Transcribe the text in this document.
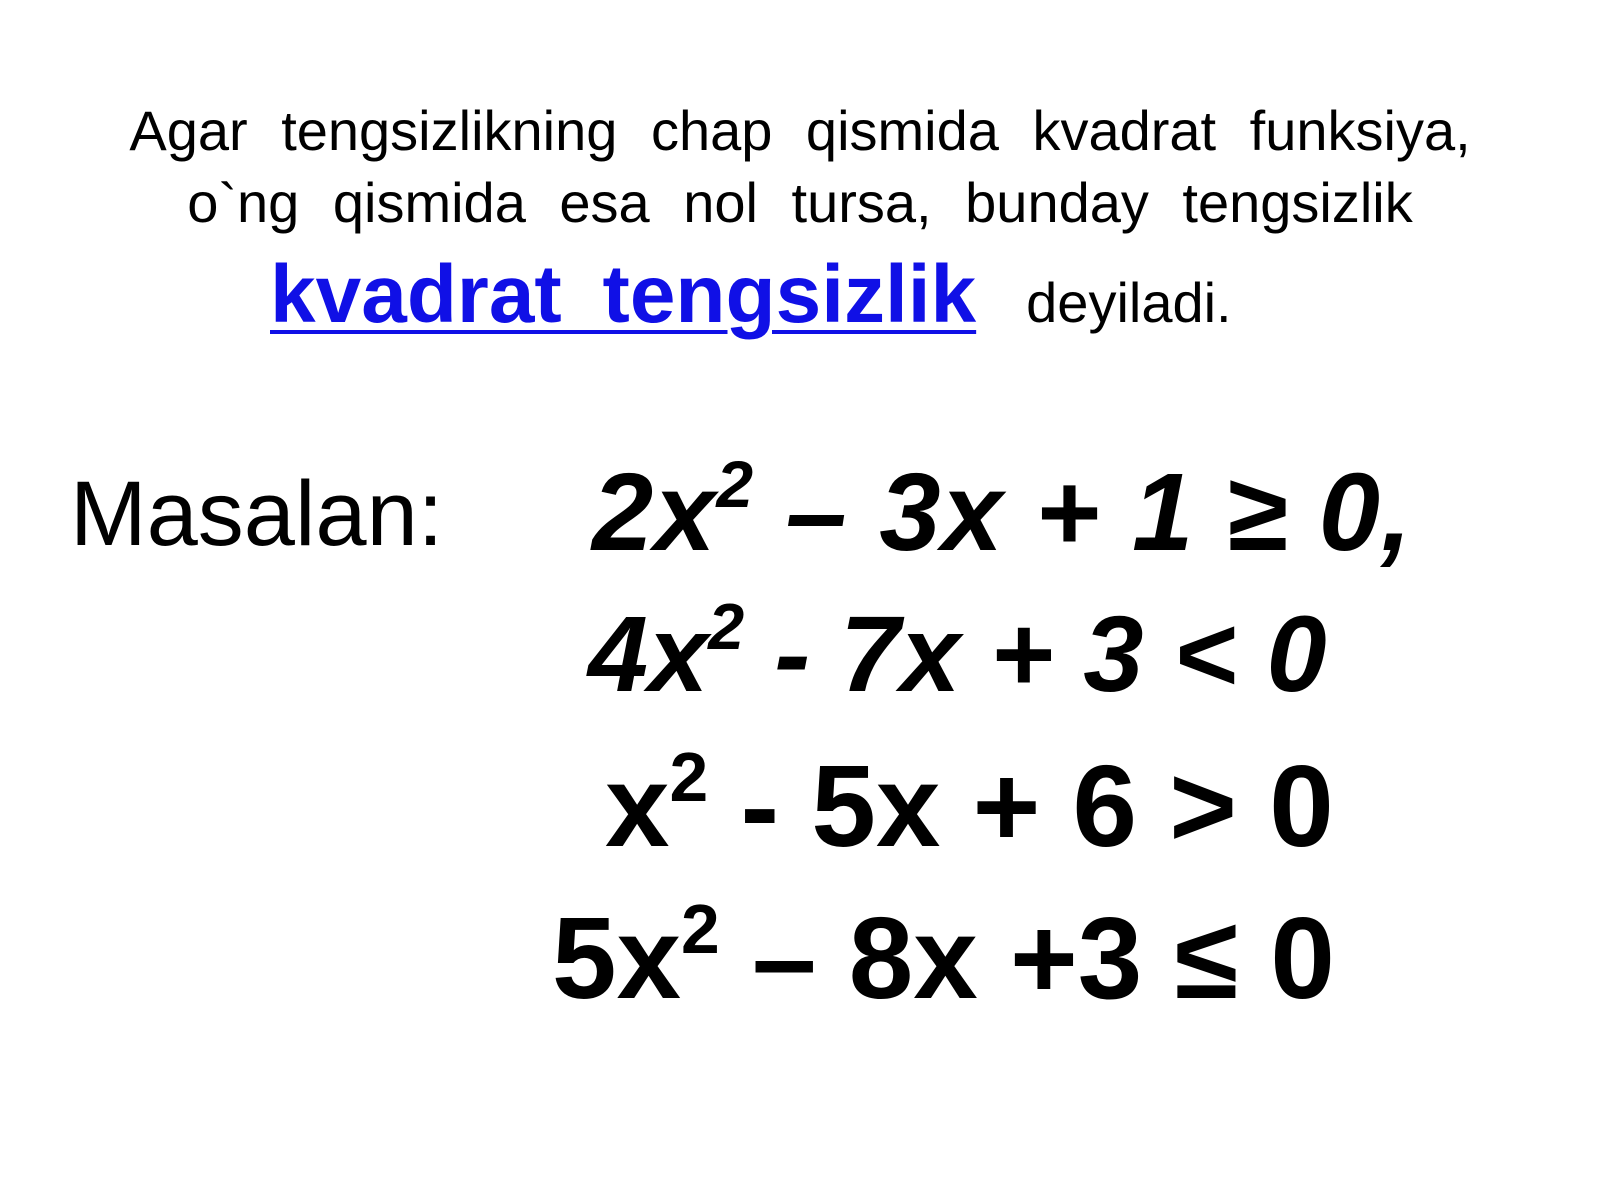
Agar tengsizlikning chap qismida kvadrat funksiya,
o`ng qismida esa nol tursa, bunday tengsizlik
kvadrat tengsizlik deyiladi.
Masalan: $2x^2 - 3x + 1 \ge 0$,
$4x^2 - 7x + 3 < 0$
$x^2 - 5x + 6 > 0$
$5x^2 - 8x +3 \le 0$
